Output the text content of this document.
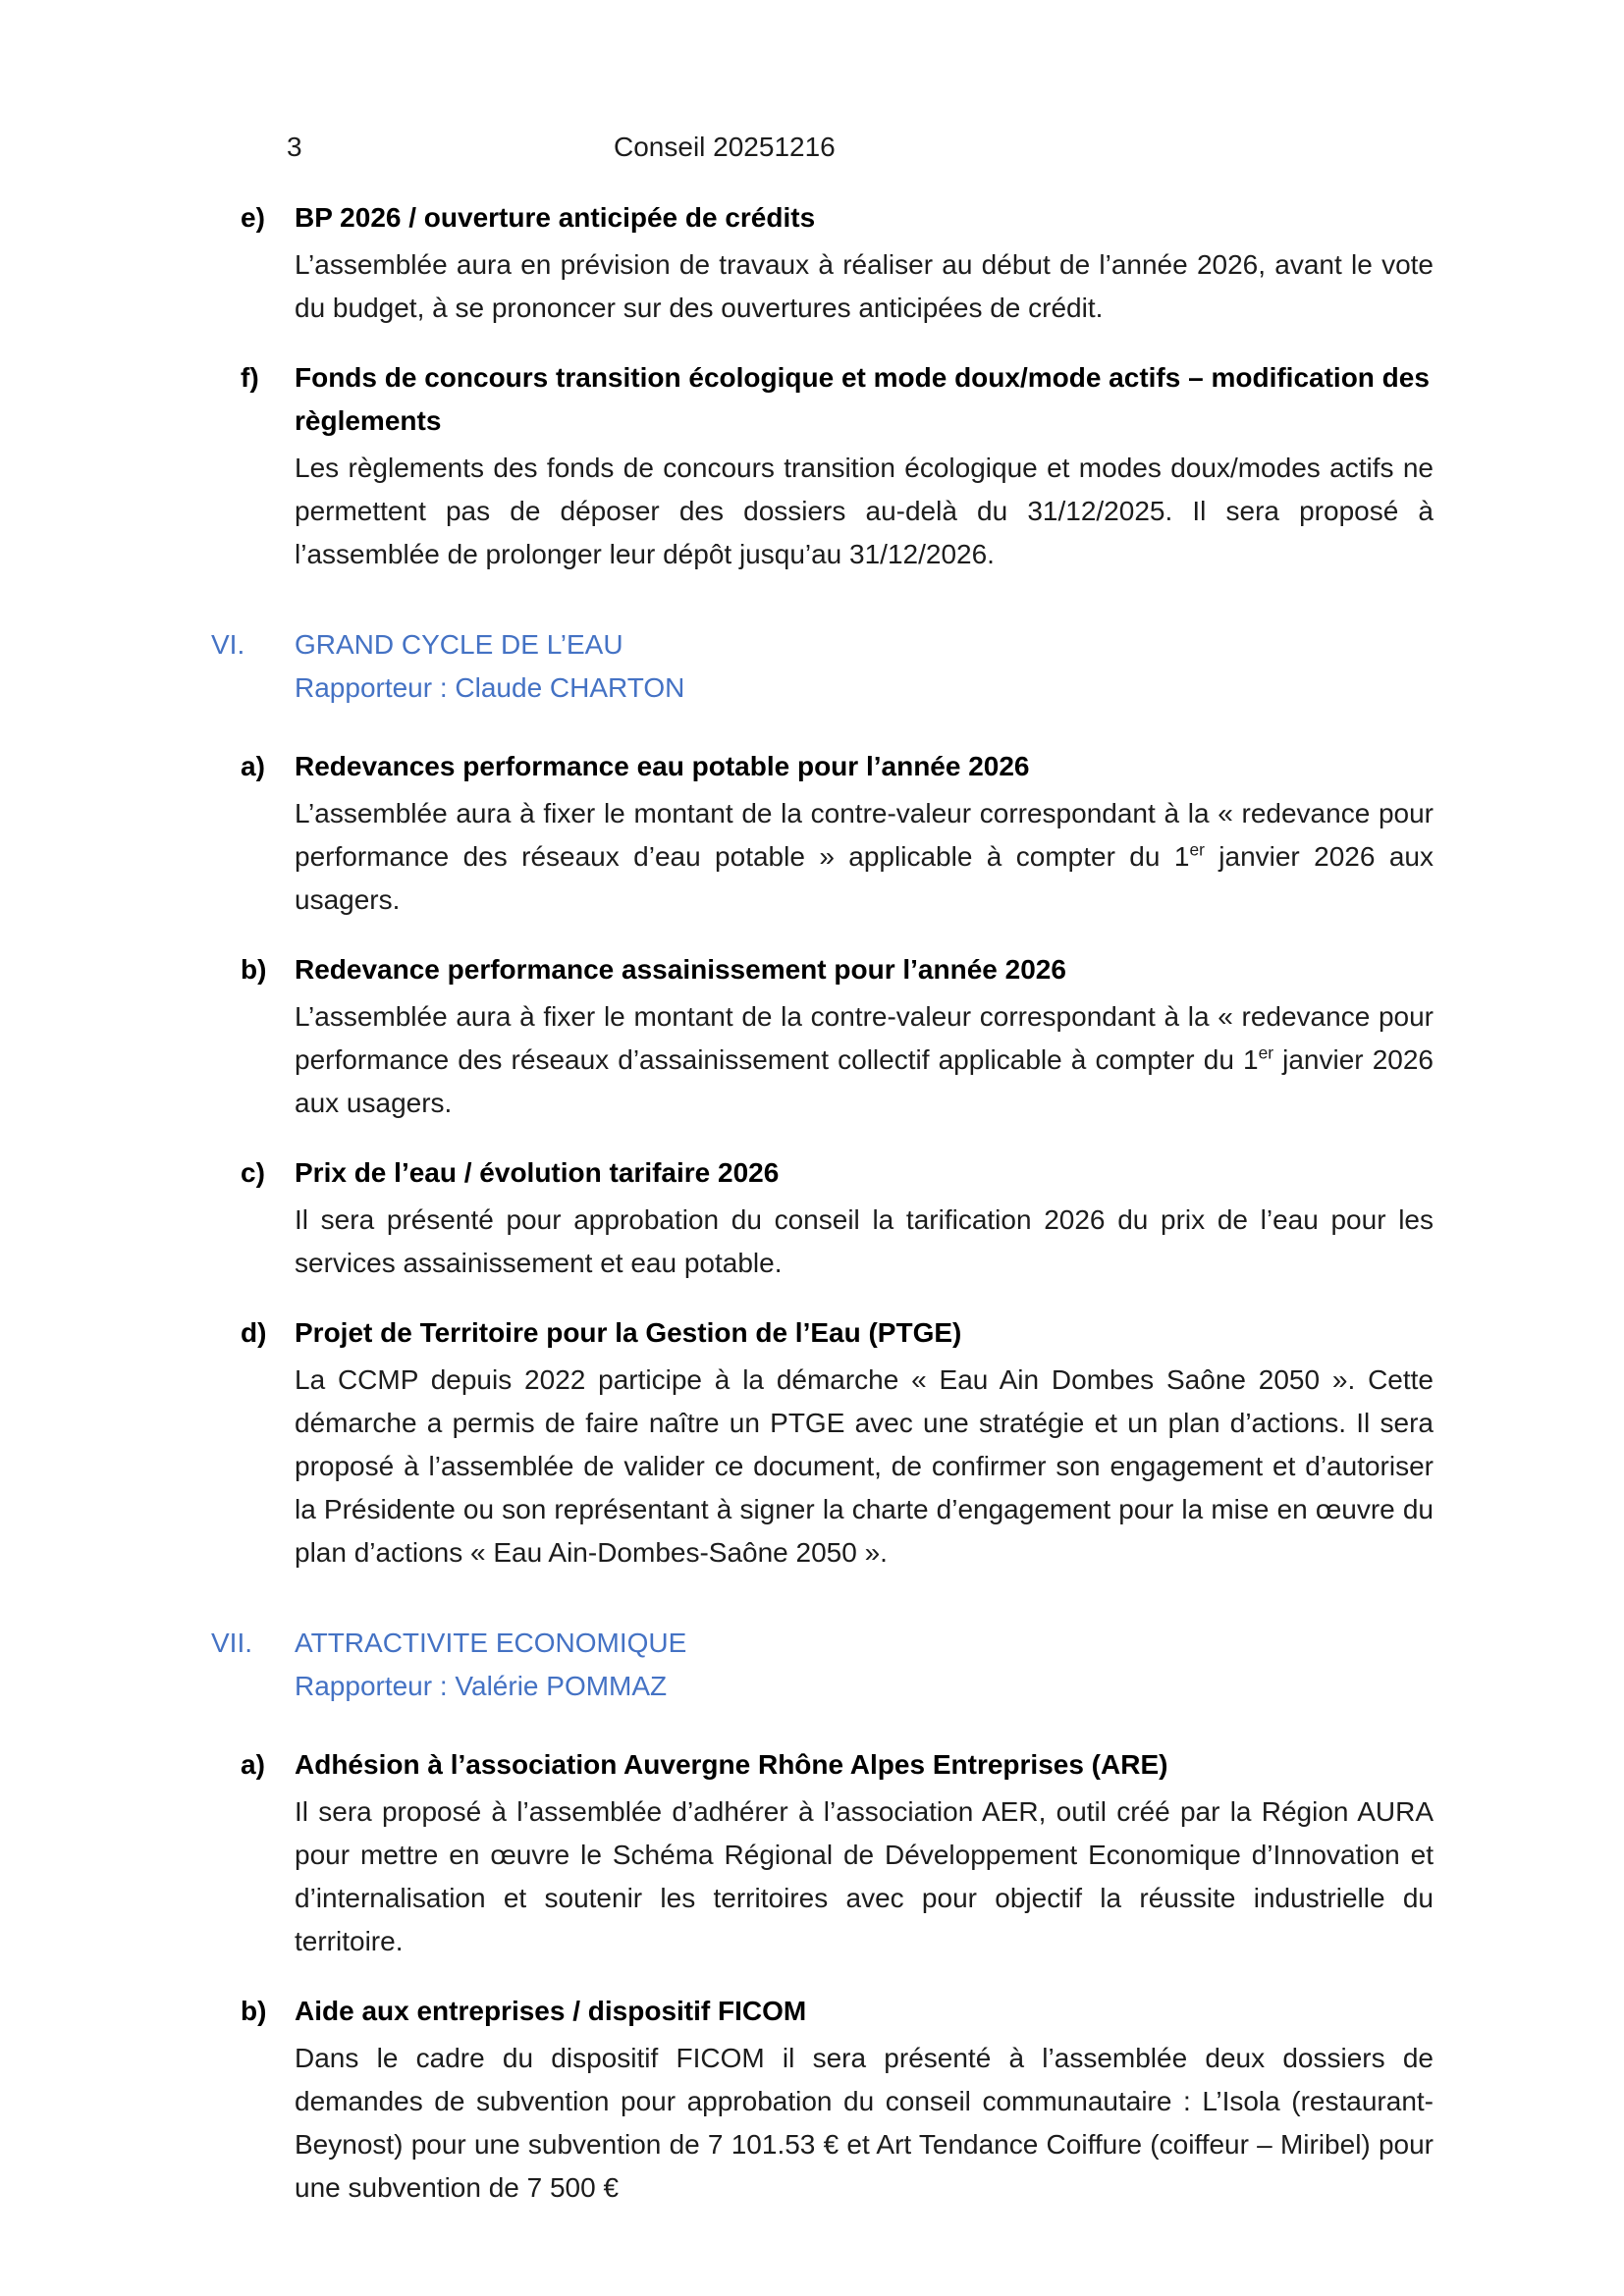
3	Conseil 20251216
e) BP 2026 / ouverture anticipée de crédits
L’assemblée aura en prévision de travaux à réaliser au début de l’année 2026, avant le vote du budget, à se prononcer sur des ouvertures anticipées de crédit.
f) Fonds de concours transition écologique et mode doux/mode actifs – modification des règlements
Les règlements des fonds de concours transition écologique et modes doux/modes actifs ne permettent pas de déposer des dossiers au-delà du 31/12/2025. Il sera proposé à l’assemblée de prolonger leur dépôt jusqu’au 31/12/2026.
VI. GRAND CYCLE DE L’EAU
Rapporteur : Claude CHARTON
a) Redevances performance eau potable pour l’année 2026
L’assemblée aura à fixer le montant de la contre-valeur correspondant à la « redevance pour performance des réseaux d’eau potable » applicable à compter du 1er janvier 2026 aux usagers.
b) Redevance performance assainissement pour l’année 2026
L’assemblée aura à fixer le montant de la contre-valeur correspondant à la « redevance pour performance des réseaux d’assainissement collectif applicable à compter du 1er janvier 2026 aux usagers.
c) Prix de l’eau / évolution tarifaire 2026
Il sera présenté pour approbation du conseil la tarification 2026 du prix de l’eau pour les services assainissement et eau potable.
d) Projet de Territoire pour la Gestion de l’Eau (PTGE)
La CCMP depuis 2022 participe à la démarche « Eau Ain Dombes Saône 2050 ». Cette démarche a permis de faire naître un PTGE avec une stratégie et un plan d’actions. Il sera proposé à l’assemblée de valider ce document, de confirmer son engagement et d’autoriser la Présidente ou son représentant à signer la charte d’engagement pour la mise en œuvre du plan d’actions « Eau Ain-Dombes-Saône 2050 ».
VII. ATTRACTIVITE ECONOMIQUE
Rapporteur : Valérie POMMAZ
a) Adhésion à l’association Auvergne Rhône Alpes Entreprises (ARE)
Il sera proposé à l’assemblée d’adhérer à l’association AER, outil créé par la Région AURA pour mettre en œuvre le Schéma Régional de Développement Economique d’Innovation et d’internalisation et soutenir les territoires avec pour objectif la réussite industrielle du territoire.
b) Aide aux entreprises / dispositif FICOM
Dans le cadre du dispositif FICOM il sera présenté à l’assemblée deux dossiers de demandes de subvention pour approbation du conseil communautaire : L’Isola (restaurant-Beynost) pour une subvention de 7 101.53 € et Art Tendance Coiffure (coiffeur – Miribel) pour une subvention de 7 500 €
